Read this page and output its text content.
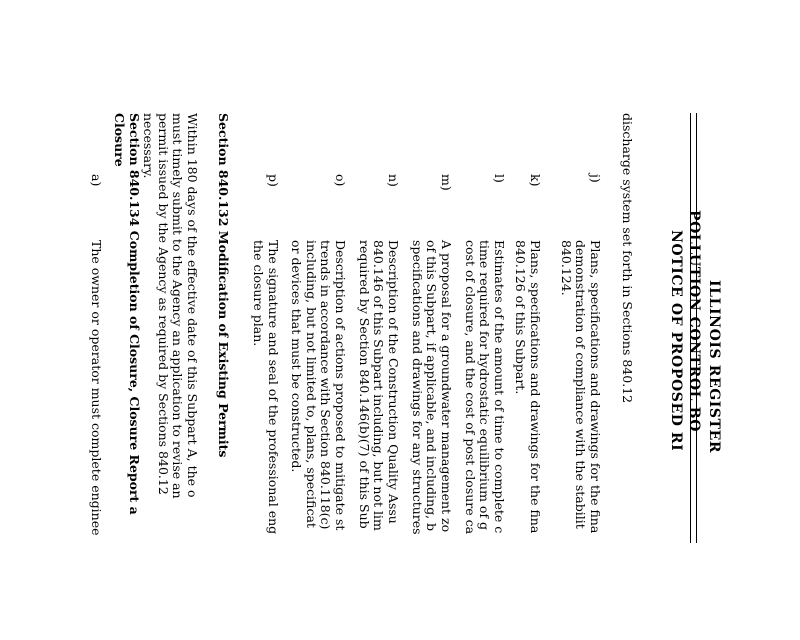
ILLINOIS REGISTER
POLLUTION CONTROL BO
NOTICE OF PROPOSED RI
discharge system set forth in Sections 840.12
j)
Plans, specifications and drawings for the fina
demonstration of compliance with the stabilit
840.124.
k)
Plans, specifications and drawings for the fina
840.126 of this Subpart.
l)
Estimates of the amount of time to complete c
time required for hydrostatic equilibrium of g
cost of closure, and the cost of post closure ca
m)
A proposal for a groundwater management zo
of this Subpart, if applicable, and including, b
specifications and drawings for any structures
n)
Description of the Construction Quality Assu
840.146 of this Subpart including, but not lim
required by Section 840.146(b)(7) of this Sub
o)
Description of actions proposed to mitigate st
trends in accordance with Section 840.118(c)
including, but not limited to, plans, specificat
or devices that must be constructed.
p)
The signature and seal of the professional eng
the closure plan.
Section 840.132 Modification of Existing Permits
Within 180 days of the effective date of this Subpart A, the o
must timely submit to the Agency an application to revise an
permit issued by the Agency as required by Sections 840.12
necessary.
Section 840.134 Completion of Closure, Closure Report a
Closure
a)
The owner or operator must complete enginee
